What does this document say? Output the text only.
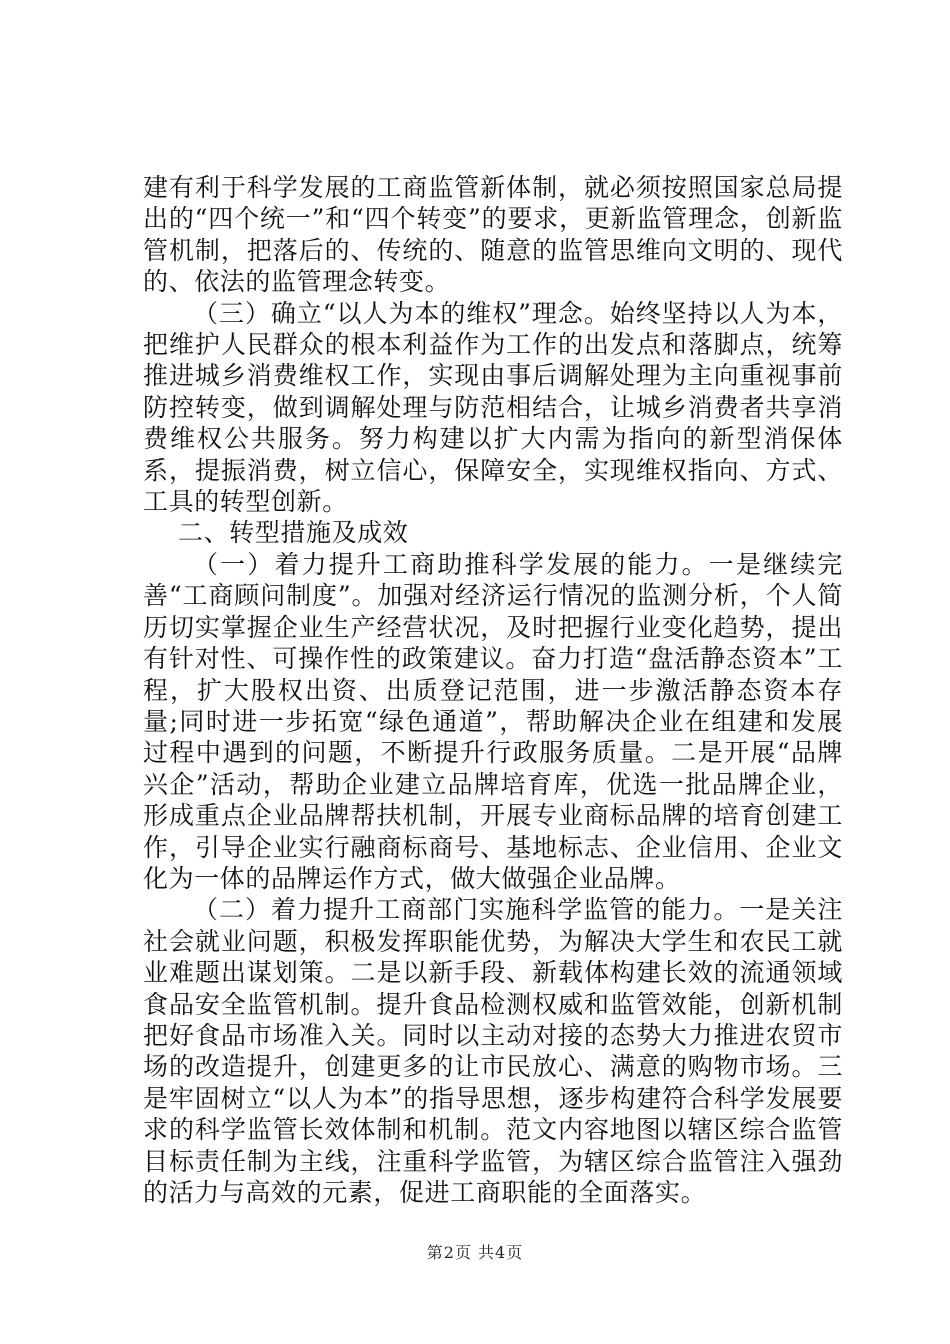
建有利于科学发展的工商监管新体制，就必须按照国家总局提出的“四个统一”和“四个转变”的要求，更新监管理念，创新监管机制，把落后的、传统的、随意的监管思维向文明的、现代的、依法的监管理念转变。

（三）确立“以人为本的维权”理念。始终坚持以人为本，把维护人民群众的根本利益作为工作的出发点和落脚点，统筹推进城乡消费维权工作，实现由事后调解处理为主向重视事前防控转变，做到调解处理与防范相结合，让城乡消费者共享消费维权公共服务。努力构建以扩大内需为指向的新型消保体系，提振消费，树立信心，保障安全，实现维权指向、方式、工具的转型创新。

二、转型措施及成效

（一）着力提升工商助推科学发展的能力。一是继续完善“工商顾问制度”。加强对经济运行情况的监测分析，个人简历切实掌握企业生产经营状况，及时把握行业变化趋势，提出有针对性、可操作性的政策建议。奋力打造“盘活静态资本”工程，扩大股权出资、出质登记范围，进一步激活静态资本存量;同时进一步拓宽“绿色通道”，帮助解决企业在组建和发展过程中遇到的问题，不断提升行政服务质量。二是开展“品牌兴企”活动，帮助企业建立品牌培育库，优选一批品牌企业，形成重点企业品牌帮扶机制，开展专业商标品牌的培育创建工作，引导企业实行融商标商号、基地标志、企业信用、企业文化为一体的品牌运作方式，做大做强企业品牌。

（二）着力提升工商部门实施科学监管的能力。一是关注社会就业问题，积极发挥职能优势，为解决大学生和农民工就业难题出谋划策。二是以新手段、新载体构建长效的流通领域食品安全监管机制。提升食品检测权威和监管效能，创新机制把好食品市场准入关。同时以主动对接的态势大力推进农贸市场的改造提升，创建更多的让市民放心、满意的购物市场。三是牢固树立“以人为本”的指导思想，逐步构建符合科学发展要求的科学监管长效体制和机制。范文内容地图以辖区综合监管目标责任制为主线，注重科学监管，为辖区综合监管注入强劲的活力与高效的元素，促进工商职能的全面落实。

第2页 共4页
